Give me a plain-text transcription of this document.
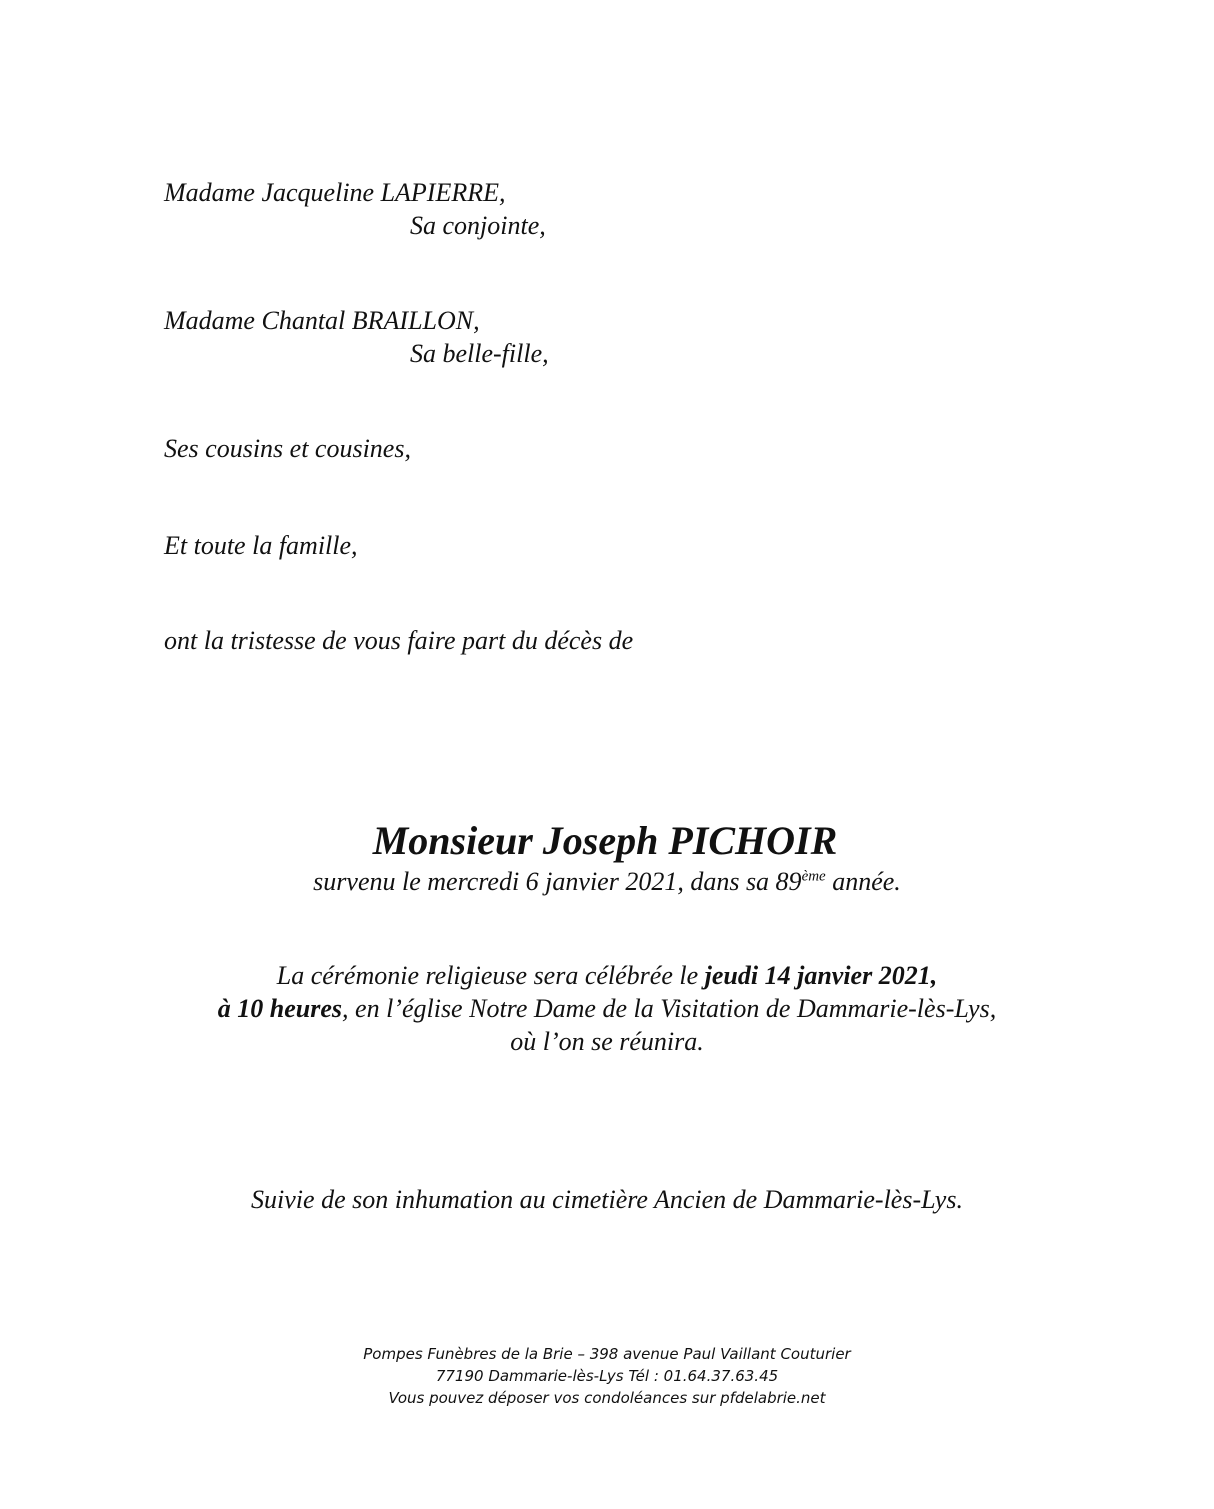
Madame Jacqueline LAPIERRE,
Sa conjointe,
Madame Chantal BRAILLON,
Sa belle-fille,
Ses cousins et cousines,
Et toute la famille,
ont la tristesse de vous faire part du décès de
Monsieur Joseph PICHOIR
survenu le mercredi 6 janvier 2021, dans sa 89ème année.
La cérémonie religieuse sera célébrée le jeudi 14 janvier 2021,
à 10 heures, en l’église Notre Dame de la Visitation de Dammarie-lès-Lys,
où l’on se réunira.
Suivie de son inhumation au cimetière Ancien de Dammarie-lès-Lys.
Pompes Funèbres de la Brie – 398 avenue Paul Vaillant Couturier
77190 Dammarie-lès-Lys Tél : 01.64.37.63.45
Vous pouvez déposer vos condoléances sur pfdelabrie.net
